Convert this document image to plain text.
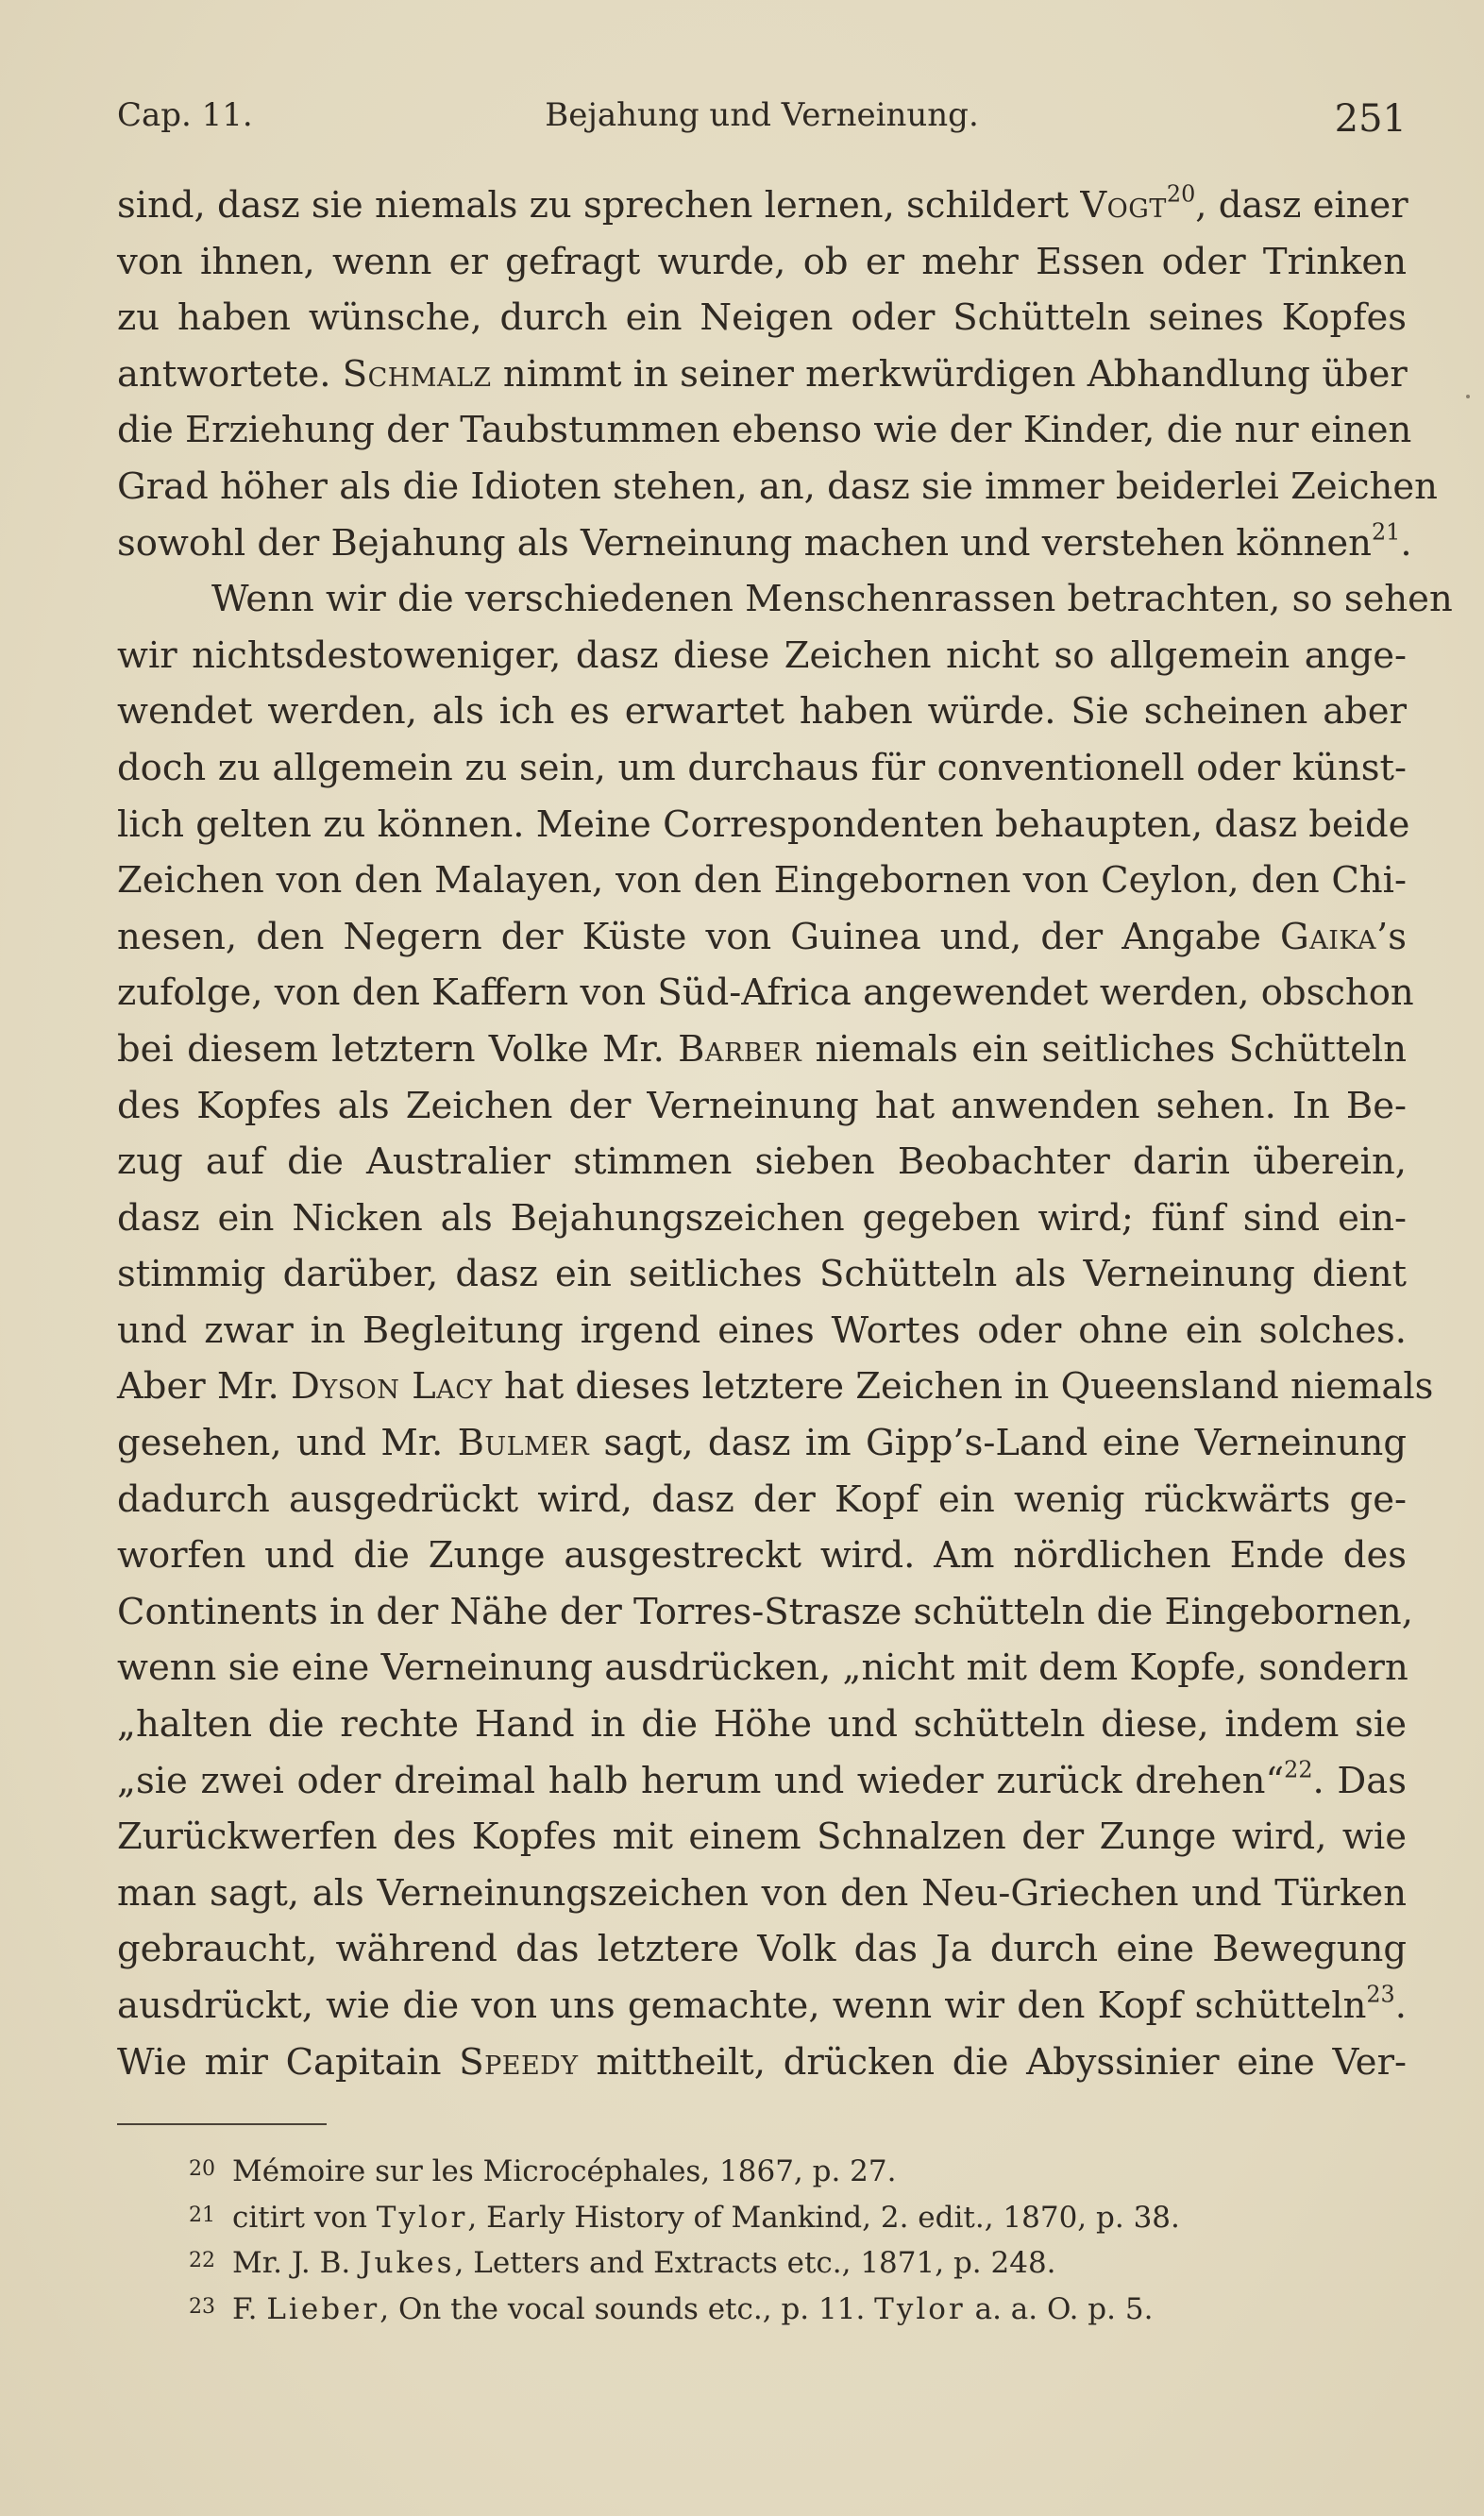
Cap. 11.	Bejahung und Verneinung.	251
sind, dasz sie niemals zu sprechen lernen, schildert Vogt$^{20}$, dasz einer
von ihnen, wenn er gefragt wurde, ob er mehr Essen oder Trinken
zu haben wünsche, durch ein Neigen oder Schütteln seines Kopfes
antwortete. Schmalz nimmt in seiner merkwürdigen Abhandlung über
die Erziehung der Taubstummen ebenso wie der Kinder, die nur einen
Grad höher als die Idioten stehen, an, dasz sie immer beiderlei Zeichen
sowohl der Bejahung als Verneinung machen und verstehen können$^{21}$.
Wenn wir die verschiedenen Menschenrassen betrachten, so sehen
wir nichtsdestoweniger, dasz diese Zeichen nicht so allgemein ange-
wendet werden, als ich es erwartet haben würde. Sie scheinen aber
doch zu allgemein zu sein, um durchaus für conventionell oder künst-
lich gelten zu können. Meine Correspondenten behaupten, dasz beide
Zeichen von den Malayen, von den Eingebornen von Ceylon, den Chi-
nesen, den Negern der Küste von Guinea und, der Angabe Gaika’s
zufolge, von den Kaffern von Süd-Africa angewendet werden, obschon
bei diesem letztern Volke Mr. Barber niemals ein seitliches Schütteln
des Kopfes als Zeichen der Verneinung hat anwenden sehen. In Be-
zug auf die Australier stimmen sieben Beobachter darin überein,
dasz ein Nicken als Bejahungszeichen gegeben wird; fünf sind ein-
stimmig darüber, dasz ein seitliches Schütteln als Verneinung dient
und zwar in Begleitung irgend eines Wortes oder ohne ein solches.
Aber Mr. Dyson Lacy hat dieses letztere Zeichen in Queensland niemals
gesehen, und Mr. Bulmer sagt, dasz im Gipp’s-Land eine Verneinung
dadurch ausgedrückt wird, dasz der Kopf ein wenig rückwärts ge-
worfen und die Zunge ausgestreckt wird. Am nördlichen Ende des
Continents in der Nähe der Torres-Strasze schütteln die Eingebornen,
wenn sie eine Verneinung ausdrücken, „nicht mit dem Kopfe, sondern
„halten die rechte Hand in die Höhe und schütteln diese, indem sie
„sie zwei oder dreimal halb herum und wieder zurück drehen“$^{22}$. Das
Zurückwerfen des Kopfes mit einem Schnalzen der Zunge wird, wie
man sagt, als Verneinungszeichen von den Neu-Griechen und Türken
gebraucht, während das letztere Volk das Ja durch eine Bewegung
ausdrückt, wie die von uns gemachte, wenn wir den Kopf schütteln$^{23}$.
Wie mir Capitain Speedy mittheilt, drücken die Abyssinier eine Ver-
20 Mémoire sur les Microcéphales, 1867, p. 27.
21 citirt von Tylor, Early History of Mankind, 2. edit., 1870, p. 38.
22 Mr. J. B. Jukes, Letters and Extracts etc., 1871, p. 248.
23 F. Lieber, On the vocal sounds etc., p. 11. Tylor a. a. O. p. 5.
